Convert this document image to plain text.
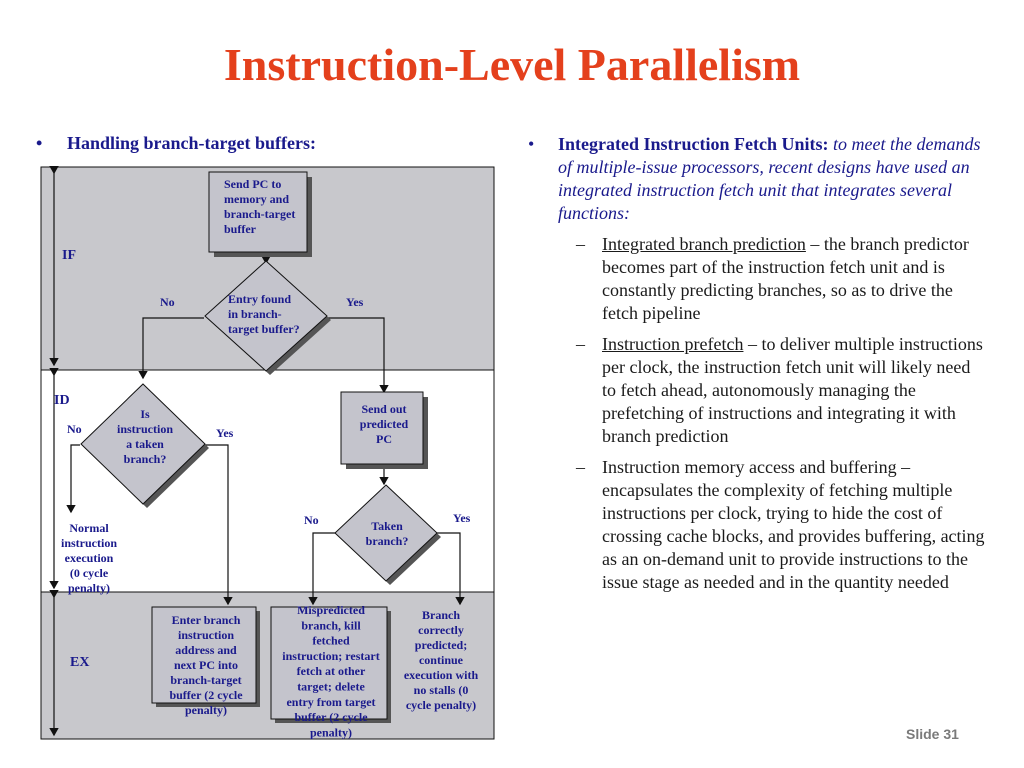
Instruction-Level Parallelism
• Handling branch-target buffers:
IF
ID
EX
Send PC to memory and branch-target buffer
Entry found in branch-target buffer?
No	Yes
Is instruction a taken branch?
No	Yes
Send out predicted PC
Taken branch?
No	Yes
Normal instruction execution (0 cycle penalty)
Enter branch instruction address and next PC into branch-target buffer (2 cycle penalty)
Mispredicted branch, kill fetched instruction; restart fetch at other target; delete entry from target buffer (2 cycle penalty)
Branch correctly predicted; continue execution with no stalls (0 cycle penalty)
• Integrated Instruction Fetch Units: to meet the demands of multiple-issue processors, recent designs have used an integrated instruction fetch unit that integrates several functions:
– Integrated branch prediction – the branch predictor becomes part of the instruction fetch unit and is constantly predicting branches, so as to drive the fetch pipeline
– Instruction prefetch – to deliver multiple instructions per clock, the instruction fetch unit will likely need to fetch ahead, autonomously managing the prefetching of instructions and integrating it with branch prediction
– Instruction memory access and buffering – encapsulates the complexity of fetching multiple instructions per clock, trying to hide the cost of crossing cache blocks, and provides buffering, acting as an on-demand unit to provide instructions to the issue stage as needed and in the quantity needed
Slide 31
